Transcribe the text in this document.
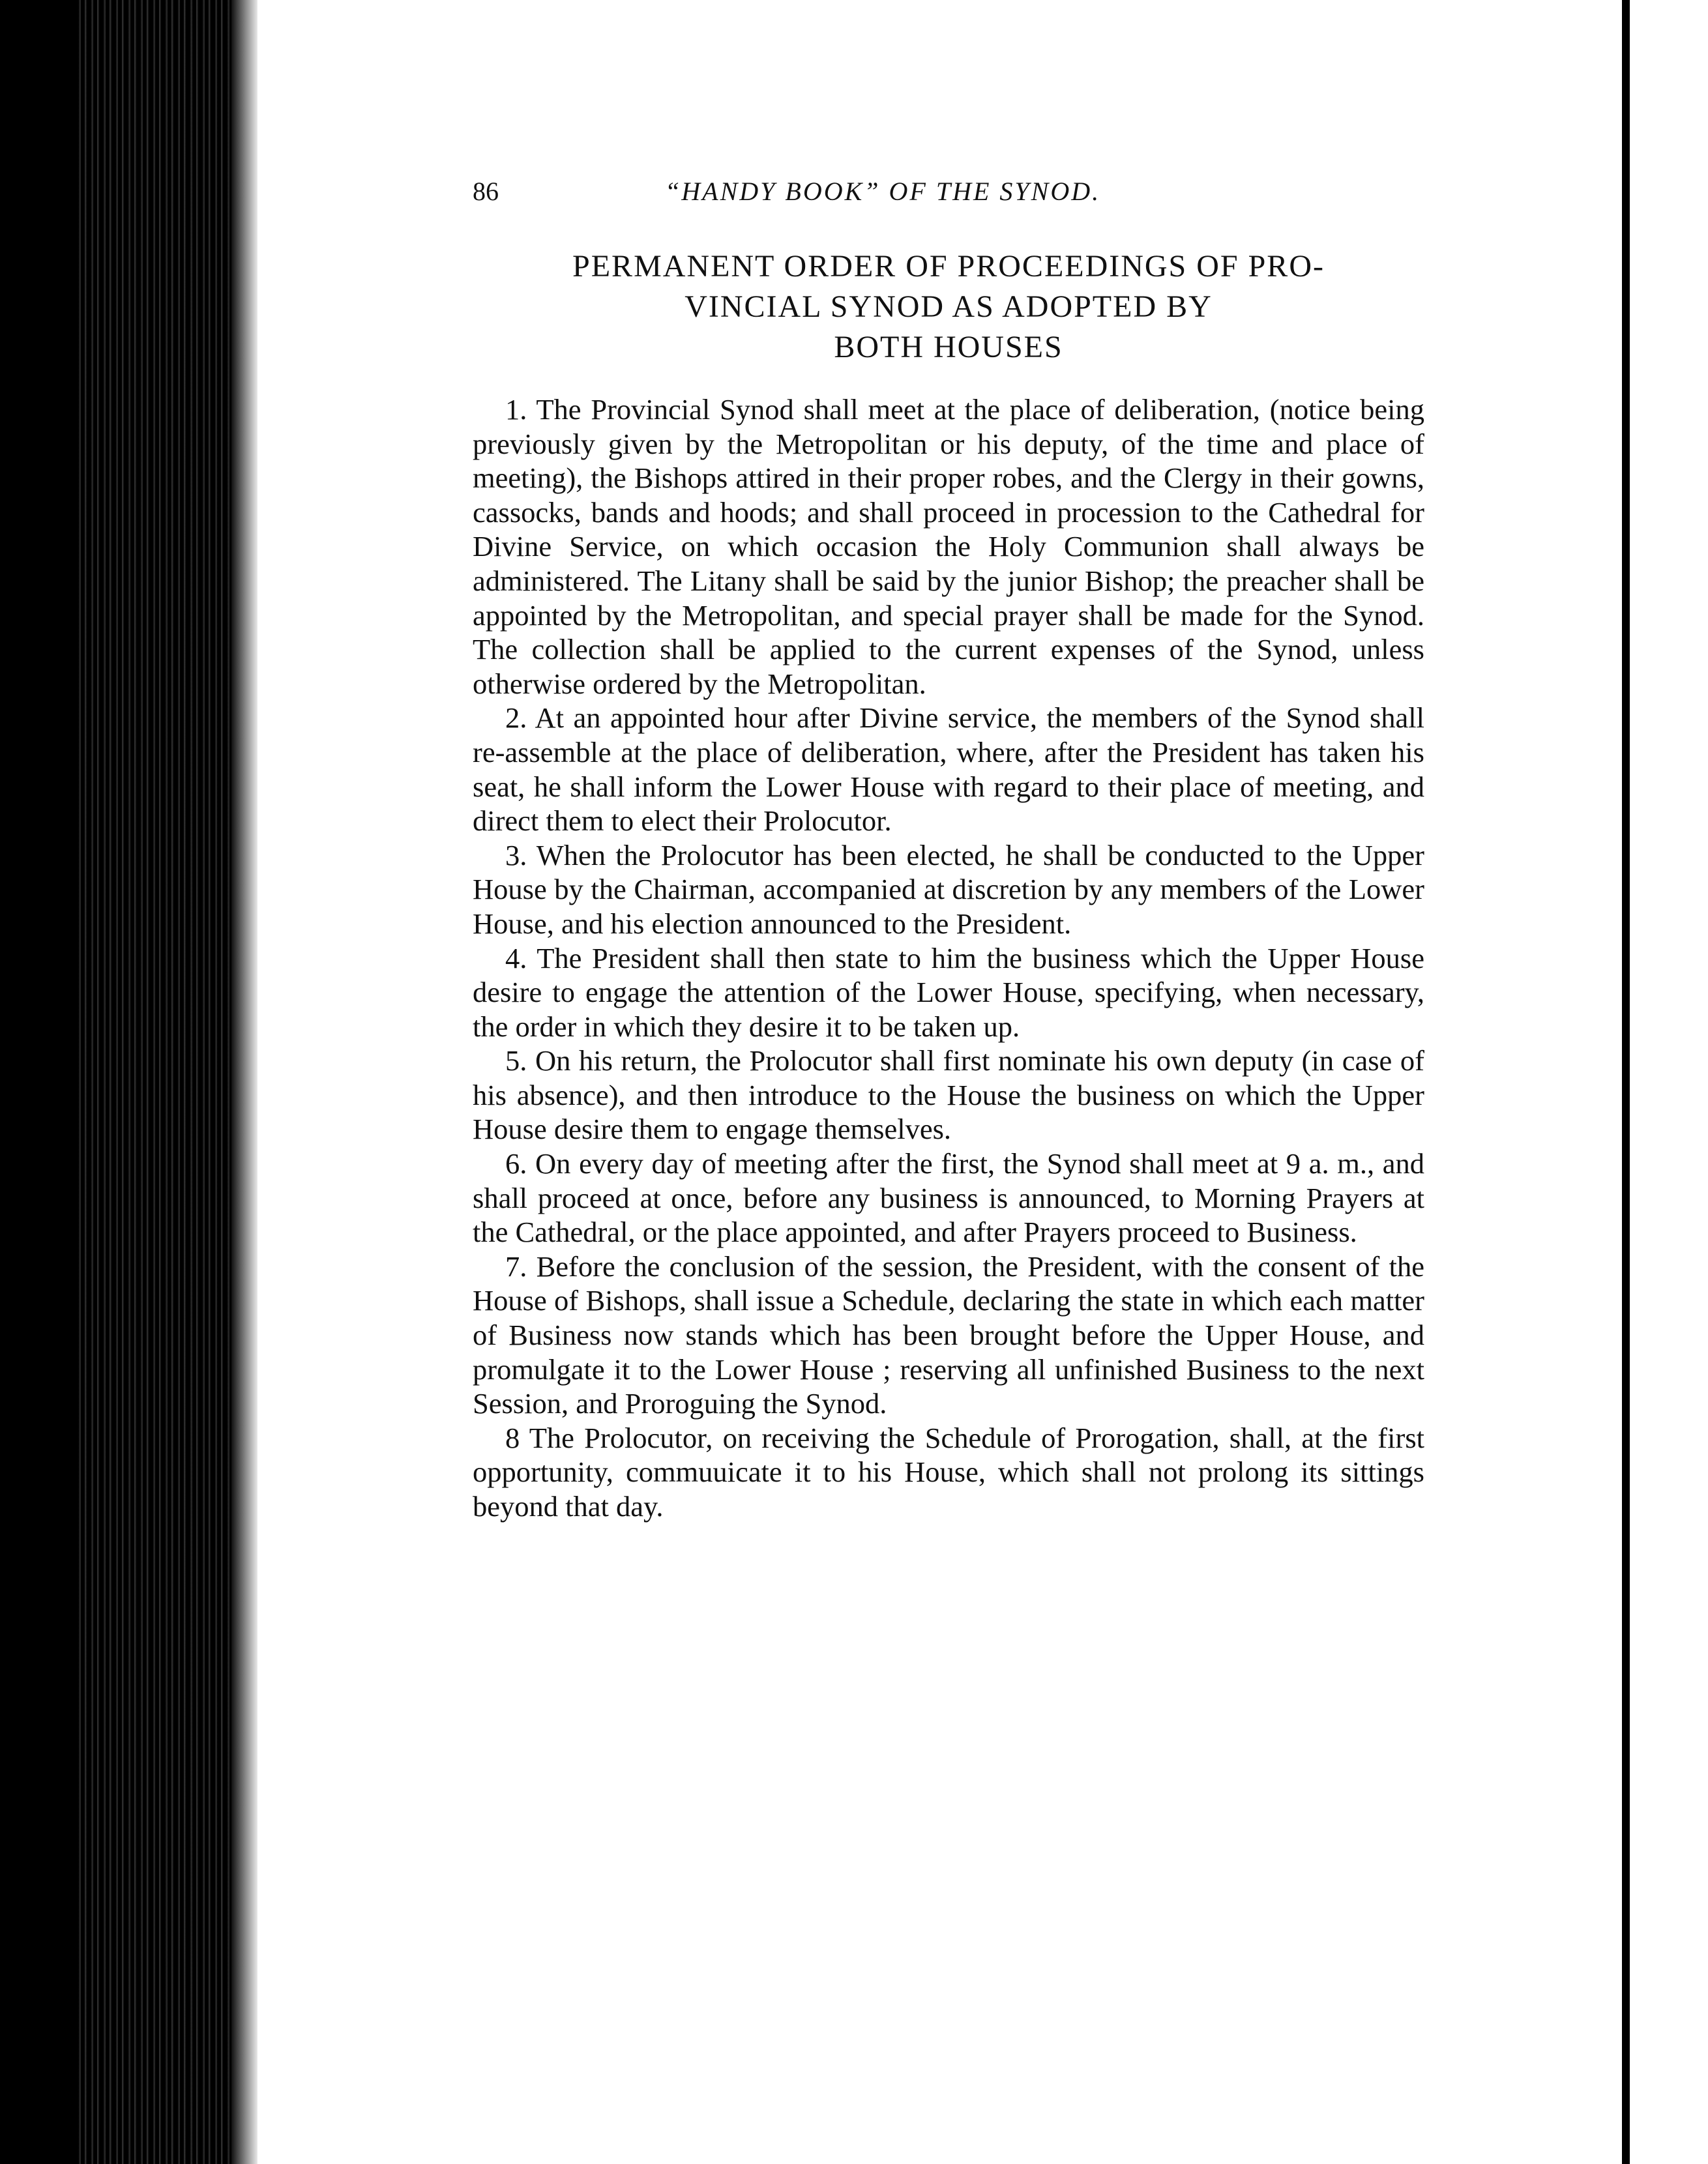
86	“HANDY BOOK” OF THE SYNOD.
PERMANENT ORDER OF PROCEEDINGS OF PRO-
VINCIAL SYNOD AS ADOPTED BY
BOTH HOUSES

1. The Provincial Synod shall meet at the place of deliberation, (notice being previously given by the Metropolitan or his deputy, of the time and place of meeting), the Bishops attired in their proper robes, and the Clergy in their gowns, cassocks, bands and hoods; and shall proceed in procession to the Cathedral for Divine Service, on which occasion the Holy Communion shall always be administered. The Litany shall be said by the junior Bishop; the preacher shall be appointed by the Metropolitan, and special prayer shall be made for the Synod. The collection shall be applied to the current expenses of the Synod, unless otherwise ordered by the Metropolitan.

2. At an appointed hour after Divine service, the members of the Synod shall re-assemble at the place of deliberation, where, after the President has taken his seat, he shall inform the Lower House with regard to their place of meeting, and direct them to elect their Prolocutor.

3. When the Prolocutor has been elected, he shall be conducted to the Upper House by the Chairman, accompanied at discretion by any members of the Lower House, and his election announced to the President.

4. The President shall then state to him the business which the Upper House desire to engage the attention of the Lower House, specifying, when necessary, the order in which they desire it to be taken up.

5. On his return, the Prolocutor shall first nominate his own deputy (in case of his absence), and then introduce to the House the business on which the Upper House desire them to engage themselves.

6. On every day of meeting after the first, the Synod shall meet at 9 a. m., and shall proceed at once, before any business is announced, to Morning Prayers at the Cathedral, or the place appointed, and after Prayers proceed to Business.

7. Before the conclusion of the session, the President, with the consent of the House of Bishops, shall issue a Schedule, declaring the state in which each matter of Business now stands which has been brought before the Upper House, and promulgate it to the Lower House ; reserving all unfinished Business to the next Session, and Proroguing the Synod.

8 The Prolocutor, on receiving the Schedule of Prorogation, shall, at the first opportunity, commuuicate it to his House, which shall not prolong its sittings beyond that day.
